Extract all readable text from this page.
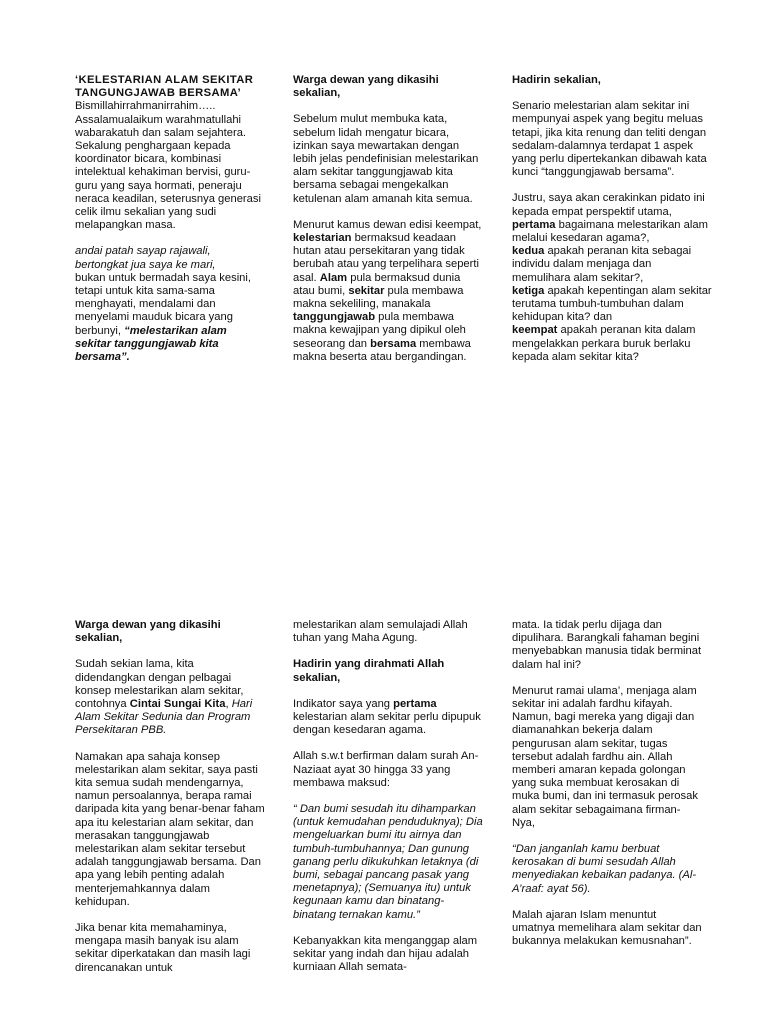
‘KELESTARIAN ALAM SEKITAR
TANGUNGJAWAB BERSAMA’

Bismillahirrahmanirrahim….. Assalamualaikum warahmatullahi wabarakatuh dan salam sejahtera. Sekalung penghargaan kepada koordinator bicara, kombinasi intelektual kehakiman bervisi, guru-guru yang saya hormati, peneraju neraca keadilan, seterusnya generasi celik ilmu sekalian yang sudi melapangkan masa.

andai patah sayap rajawali, bertongkat jua saya ke mari,

bukan untuk bermadah saya kesini, tetapi untuk kita sama-sama menghayati, mendalami dan menyelami mauduk bicara yang berbunyi, “melestarikan alam sekitar tanggungjawab kita bersama”.

Warga dewan yang dikasihi sekalian,

Sebelum mulut membuka kata, sebelum lidah mengatur bicara, izinkan saya mewartakan dengan lebih jelas pendefinisian melestarikan alam sekitar tanggungjawab kita bersama sebagai mengekalkan ketulenan alam amanah kita semua.

Menurut kamus dewan edisi keempat, kelestarian bermaksud keadaan hutan atau persekitaran yang tidak berubah atau yang terpelihara seperti asal. Alam pula bermaksud dunia atau bumi, sekitar pula membawa makna sekeliling, manakala tanggungjawab pula membawa makna kewajipan yang dipikul oleh seseorang dan bersama membawa makna beserta atau bergandingan.

Hadirin sekalian,

Senario melestarian alam sekitar ini mempunyai aspek yang begitu meluas tetapi, jika kita renung dan teliti dengan sedalam-dalamnya terdapat 1 aspek yang perlu dipertekankan dibawah kata kunci “tanggungjawab bersama”.

Justru, saya akan cerakinkan pidato ini kepada empat perspektif utama, pertama bagaimana melestarikan alam melalui kesedaran agama?,
kedua apakah peranan kita sebagai individu dalam menjaga dan memulihara alam sekitar?,
ketiga apakah kepentingan alam sekitar terutama tumbuh-tumbuhan dalam kehidupan kita? dan
keempat apakah peranan kita dalam mengelakkan perkara buruk berlaku kepada alam sekitar kita?

Warga dewan yang dikasihi sekalian,

Sudah sekian lama, kita didendangkan dengan pelbagai konsep melestarikan alam sekitar, contohnya Cintai Sungai Kita, Hari Alam Sekitar Sedunia dan Program Persekitaran PBB.

Namakan apa sahaja konsep melestarikan alam sekitar, saya pasti kita semua sudah mendengarnya, namun persoalannya, berapa ramai daripada kita yang benar-benar faham apa itu kelestarian alam sekitar, dan merasakan tanggungjawab melestarikan alam sekitar tersebut adalah tanggungjawab bersama. Dan apa yang lebih penting adalah menterjemahkannya dalam kehidupan.

Jika benar kita memahaminya, mengapa masih banyak isu alam sekitar diperkatakan dan masih lagi direncanakan untuk

melestarikan alam semulajadi Allah tuhan yang Maha Agung.

Hadirin yang dirahmati Allah sekalian,

Indikator saya yang pertama kelestarian alam sekitar perlu dipupuk dengan kesedaran agama.

Allah s.w.t berfirman dalam surah An-Naziaat ayat 30 hingga 33 yang membawa maksud:

“ Dan bumi sesudah itu dihamparkan (untuk kemudahan penduduknya); Dia mengeluarkan bumi itu airnya dan tumbuh-tumbuhannya; Dan gunung ganang perlu dikukuhkan letaknya (di bumi, sebagai pancang pasak yang menetapnya); (Semuanya itu) untuk kegunaan kamu dan binatang-binatang ternakan kamu.”

Kebanyakkan kita menganggap alam sekitar yang indah dan hijau adalah kurniaan Allah semata-

mata. Ia tidak perlu dijaga dan dipulihara. Barangkali fahaman begini menyebabkan manusia tidak berminat dalam hal ini?

Menurut ramai ulama’, menjaga alam sekitar ini adalah fardhu kifayah. Namun, bagi mereka yang digaji dan diamanahkan bekerja dalam pengurusan alam sekitar, tugas tersebut adalah fardhu ain. Allah memberi amaran kepada golongan yang suka membuat kerosakan di muka bumi, dan ini termasuk perosak alam sekitar sebagaimana firman-Nya,

“Dan janganlah kamu berbuat kerosakan di bumi sesudah Allah menyediakan kebaikan padanya. (Al-A’raaf: ayat 56).

Malah ajaran Islam menuntut umatnya memelihara alam sekitar dan bukannya melakukan kemusnahan”.
